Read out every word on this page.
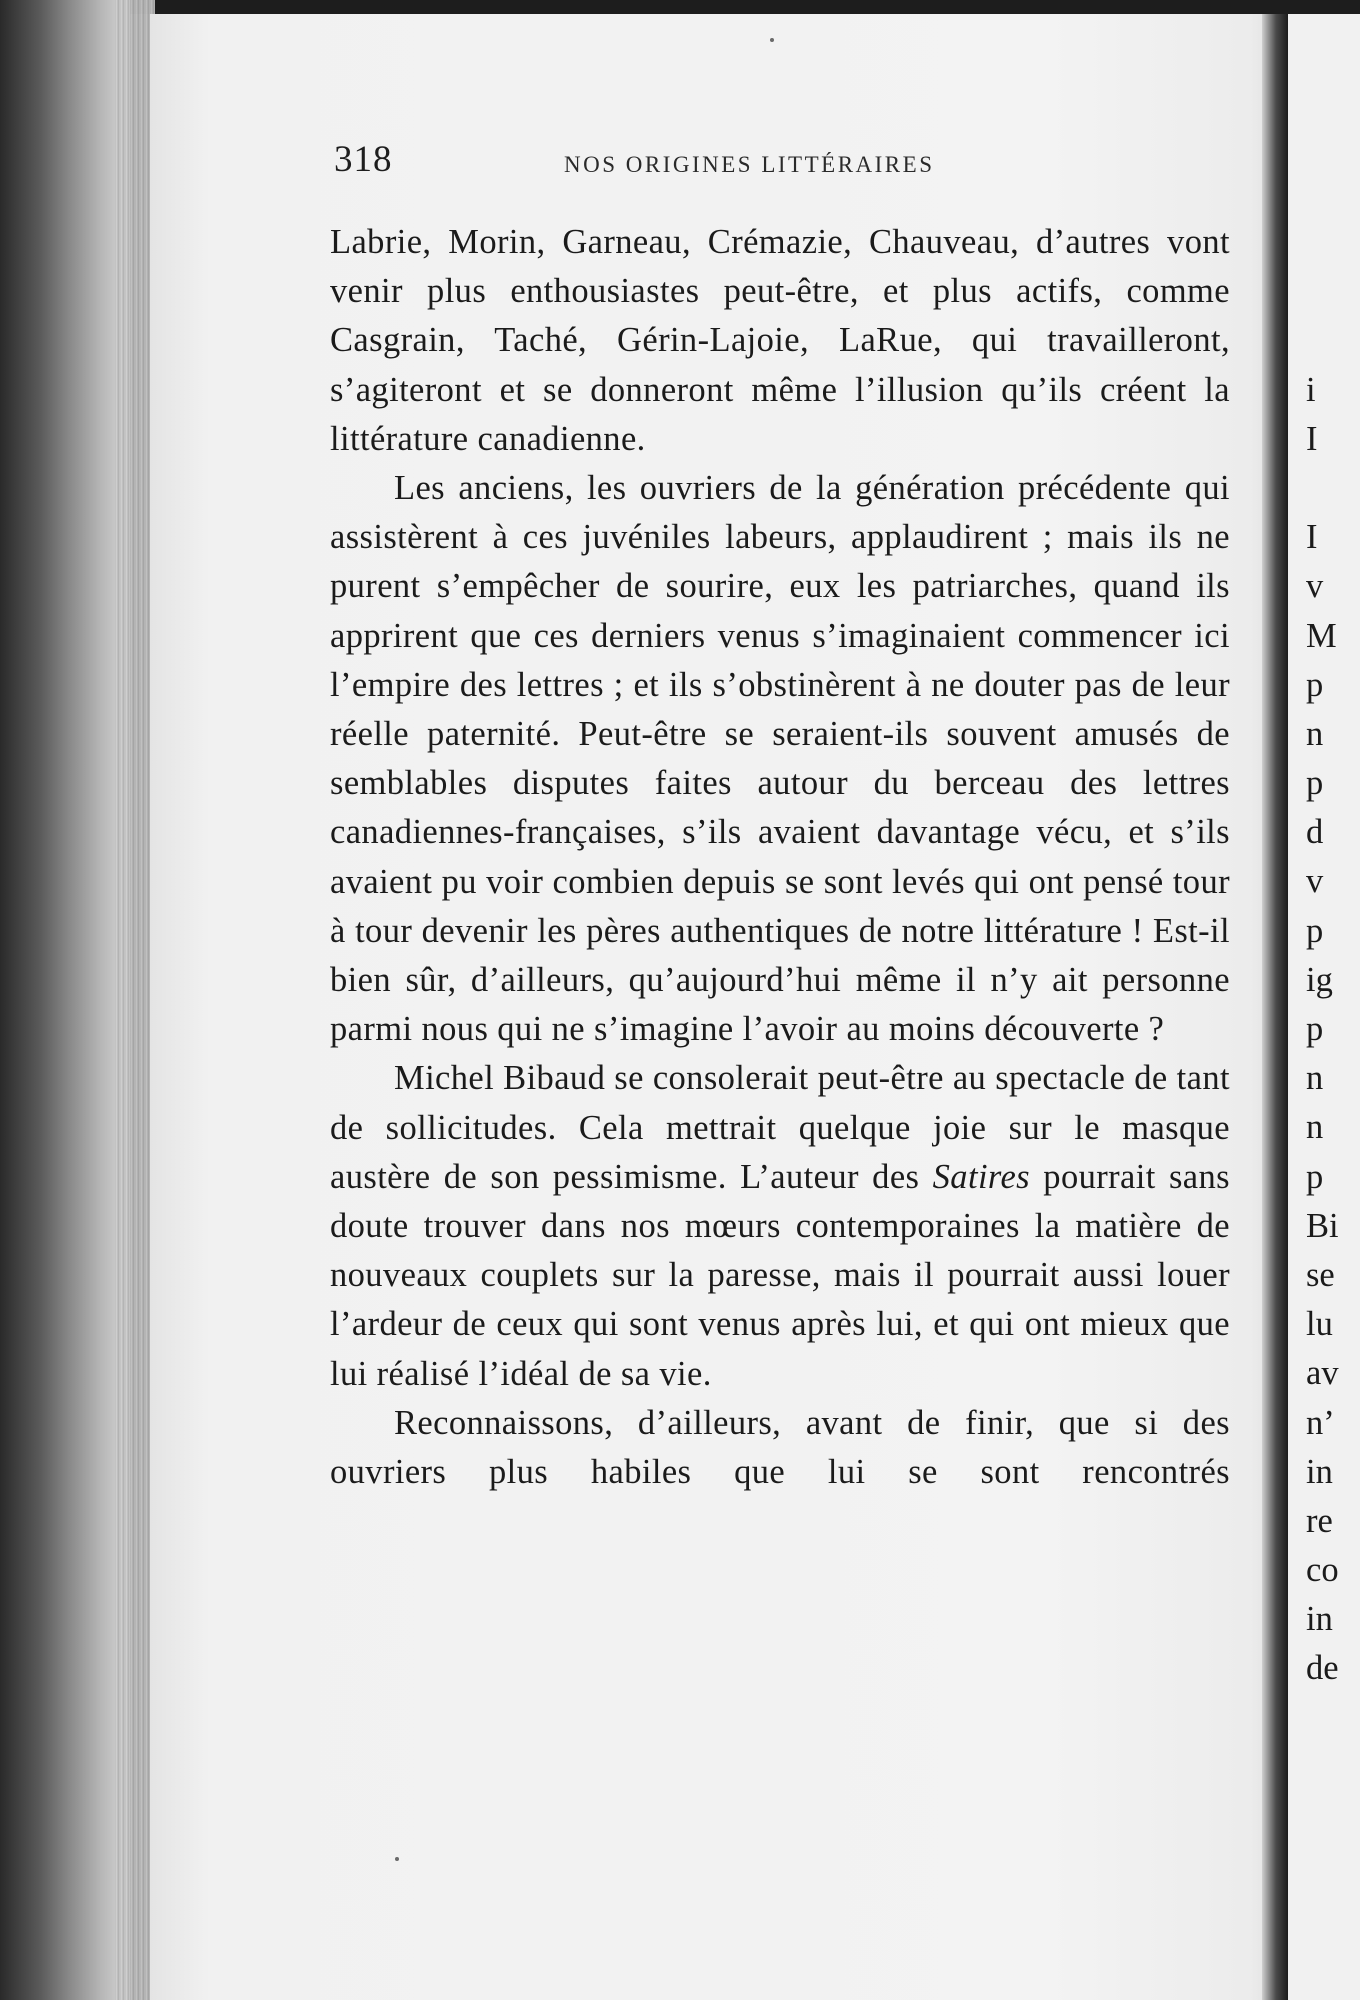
318	NOS ORIGINES LITTÉRAIRES

Labrie, Morin, Garneau, Crémazie, Chauveau, d’autres vont venir plus enthousiastes peut-être, et plus actifs, comme Casgrain, Taché, Gérin-Lajoie, LaRue, qui travailleront, s’agiteront et se donneront même l’illusion qu’ils créent la littérature canadienne.

Les anciens, les ouvriers de la génération précédente qui assistèrent à ces juvéniles labeurs, applaudirent ; mais ils ne purent s’empêcher de sourire, eux les patriarches, quand ils apprirent que ces derniers venus s’imaginaient commencer ici l’empire des lettres ; et ils s’obstinèrent à ne douter pas de leur réelle paternité. Peut-être se seraient-ils souvent amusés de semblables disputes faites autour du berceau des lettres canadiennes-françaises, s’ils avaient davantage vécu, et s’ils avaient pu voir combien depuis se sont levés qui ont pensé tour à tour devenir les pères authentiques de notre littérature ! Est-il bien sûr, d’ailleurs, qu’aujourd’hui même il n’y ait personne parmi nous qui ne s’imagine l’avoir au moins découverte ?

Michel Bibaud se consolerait peut-être au spectacle de tant de sollicitudes. Cela mettrait quelque joie sur le masque austère de son pessimisme. L’auteur des Satires pourrait sans doute trouver dans nos mœurs contemporaines la matière de nouveaux couplets sur la paresse, mais il pourrait aussi louer l’ardeur de ceux qui sont venus après lui, et qui ont mieux que lui réalisé l’idéal de sa vie.

Reconnaissons, d’ailleurs, avant de finir, que si des ouvriers plus habiles que lui se sont rencontrés

i
I
I
v
M
p
n
p
d
v
p
ig
p
n
n
p
Bi
se
lu
av
n’
in
re
co
in
de
